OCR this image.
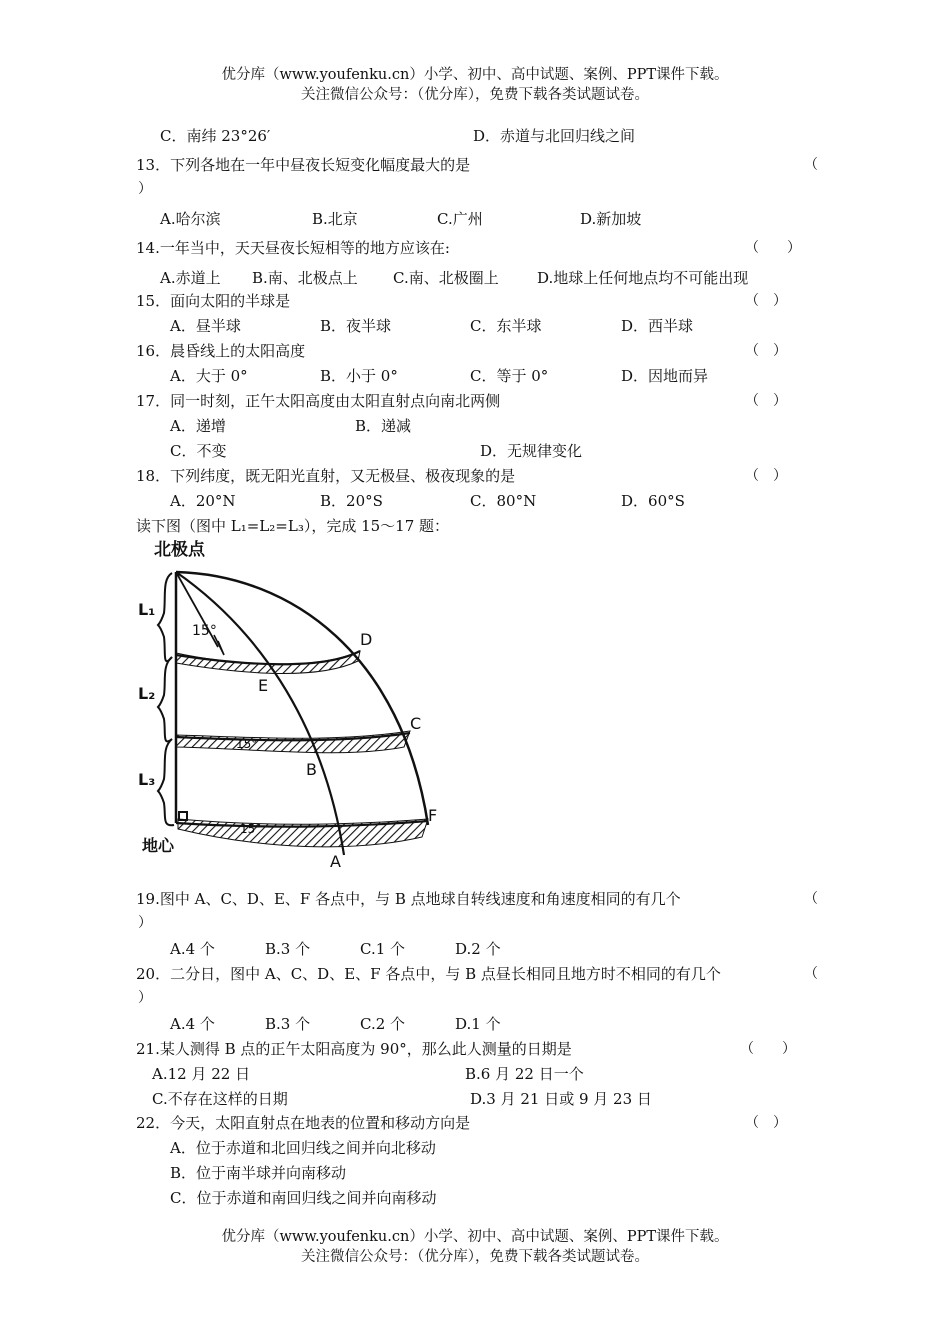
优分库（www.youfenku.cn）小学、初中、高中试题、案例、PPT课件下载。
关注微信公众号：（优分库），免费下载各类试题试卷。
C．南纬 23°26′	D．赤道与北回归线之间
13．下列各地在一年中昼夜长短变化幅度最大的是	（
）
A.哈尔滨	B.北京	C.广州	D.新加坡
14.一年当中，天天昼夜长短相等的地方应该在:	（　　）
A.赤道上 B.南、北极点上 C.南、北极圈上	D.地球上任何地点均不可能出现
15．面向太阳的半球是	（　）
A．昼半球	B．夜半球	C．东半球	D．西半球
16．晨昏线上的太阳高度	（　）
A．大于 0°	B．小于 0°	C．等于 0°	D．因地而异
17．同一时刻，正午太阳高度由太阳直射点向南北两侧	（　）
A．递增	B．递减
C．不变	D．无规律变化
18．下列纬度，既无阳光直射，又无极昼、极夜现象的是	（　）
A．20°N	B．20°S	C．80°N	D．60°S
读下图（图中 L₁=L₂=L₃），完成 15～17 题：
北极点
地心
L₁
L₂
L₃
15°
15°
15°
D
E
C
B
F
A
19.图中 A、C、D、E、F 各点中，与 B 点地球自转线速度和角速度相同的有几个	（
）
A.4 个	B.3 个	C.1 个	D.2 个
20．二分日，图中 A、C、D、E、F 各点中，与 B 点昼长相同且地方时不相同的有几个	（
）
A.4 个	B.3 个	C.2 个	D.1 个
21.某人测得 B 点的正午太阳高度为 90°，那么此人测量的日期是	（　　）
A.12 月 22 日	B.6 月 22 日一个
C.不存在这样的日期	D.3 月 21 日或 9 月 23 日
22．今天，太阳直射点在地表的位置和移动方向是	（　）
A．位于赤道和北回归线之间并向北移动
B．位于南半球并向南移动
C．位于赤道和南回归线之间并向南移动
优分库（www.youfenku.cn）小学、初中、高中试题、案例、PPT课件下载。
关注微信公众号：（优分库），免费下载各类试题试卷。
